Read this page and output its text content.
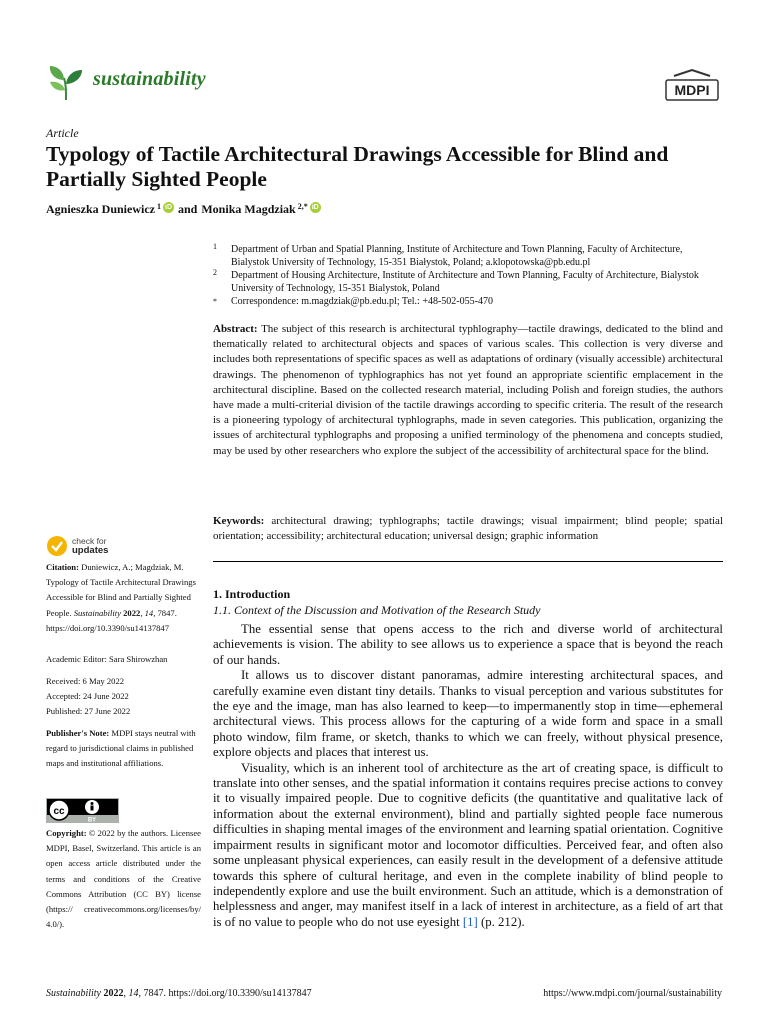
sustainability	MDPI
Article
Typology of Tactile Architectural Drawings Accessible for Blind and Partially Sighted People
Agnieszka Duniewicz 1 iD and Monika Magdziak 2,* iD
1 Department of Urban and Spatial Planning, Institute of Architecture and Town Planning, Faculty of Architecture, Bialystok University of Technology, 15-351 Białystok, Poland; a.klopotowska@pb.edu.pl
2 Department of Housing Architecture, Institute of Architecture and Town Planning, Faculty of Architecture, Bialystok University of Technology, 15-351 Bialystok, Poland
* Correspondence: m.magdziak@pb.edu.pl; Tel.: +48-502-055-470
Abstract: The subject of this research is architectural typhlography—tactile drawings, dedicated to the blind and thematically related to architectural objects and spaces of various scales. This collection is very diverse and includes both representations of specific spaces as well as adaptations of ordinary (visually accessible) architectural drawings. The phenomenon of typhlographics has not yet found an appropriate scientific emplacement in the architectural discipline. Based on the collected research material, including Polish and foreign studies, the authors have made a multi-criterial division of the tactile drawings according to specific criteria. The result of the research is a pioneering typology of architectural typhlographs, made in seven categories. This publication, organizing the issues of architectural typhlographs and proposing a unified terminology of the phenomena and concepts studied, may be used by other researchers who explore the subject of the accessibility of architectural space for the blind.
Keywords: architectural drawing; typhlographs; tactile drawings; visual impairment; blind people; spatial orientation; accessibility; architectural education; universal design; graphic information
check for
updates
Citation: Duniewicz, A.; Magdziak, M. Typology of Tactile Architectural Drawings Accessible for Blind and Partially Sighted People. Sustainability 2022, 14, 7847. https://doi.org/10.3390/su14137847
Academic Editor: Sara Shirowzhan
Received: 6 May 2022
Accepted: 24 June 2022
Published: 27 June 2022
Publisher's Note: MDPI stays neutral with regard to jurisdictional claims in published maps and institutional affiliations.
cc
BY
Copyright: © 2022 by the authors. Licensee MDPI, Basel, Switzerland. This article is an open access article distributed under the terms and conditions of the Creative Commons Attribution (CC BY) license (https:// creativecommons.org/licenses/by/ 4.0/).
1. Introduction
1.1. Context of the Discussion and Motivation of the Research Study

The essential sense that opens access to the rich and diverse world of architectural achievements is vision. The ability to see allows us to experience a space that is beyond the reach of our hands.

It allows us to discover distant panoramas, admire interesting architectural spaces, and carefully examine even distant tiny details. Thanks to visual perception and various substitutes for the eye and the image, man has also learned to keep—to impermanently stop in time—ephemeral architectural views. This process allows for the capturing of a wide form and space in a small photo window, film frame, or sketch, thanks to which we can freely, without physical presence, explore objects and places that interest us.

Visuality, which is an inherent tool of architecture as the art of creating space, is difficult to translate into other senses, and the spatial information it contains requires precise actions to convey it to visually impaired people. Due to cognitive deficits (the quantitative and qualitative lack of information about the external environment), blind and partially sighted people face numerous difficulties in shaping mental images of the environment and learning spatial orientation. Cognitive impairment results in significant motor and locomotor difficulties. Perceived fear, and often also some unpleasant physical experiences, can easily result in the development of a defensive attitude towards this sphere of cultural heritage, and even in the complete inability of blind people to independently explore and use the built environment. Such an attitude, which is a demonstration of helplessness and anger, may manifest itself in a lack of interest in architecture, as a field of art that is of no value to people who do not use eyesight [1] (p. 212).

Sustainability 2022, 14, 7847. https://doi.org/10.3390/su14137847	https://www.mdpi.com/journal/sustainability
